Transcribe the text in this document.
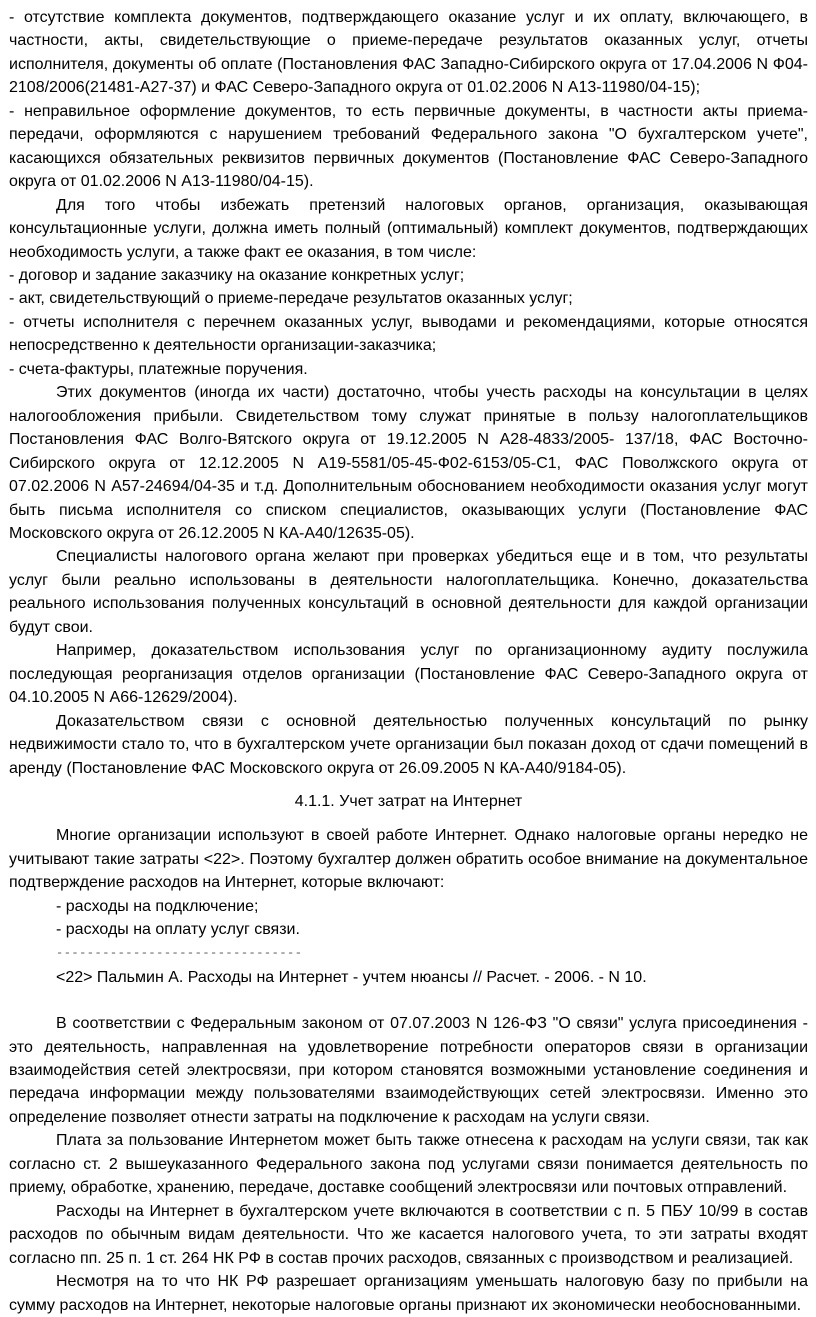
- отсутствие комплекта документов, подтверждающего оказание услуг и их оплату, включающего, в частности, акты, свидетельствующие о приеме-передаче результатов оказанных услуг, отчеты исполнителя, документы об оплате (Постановления ФАС Западно-Сибирского округа от 17.04.2006 N Ф04-2108/2006(21481-А27-37) и ФАС Северо-Западного округа от 01.02.2006 N А13-11980/04-15);

- неправильное оформление документов, то есть первичные документы, в частности акты приема-передачи, оформляются с нарушением требований Федерального закона "О бухгалтерском учете", касающихся обязательных реквизитов первичных документов (Постановление ФАС Северо-Западного округа от 01.02.2006 N А13-11980/04-15).

Для того чтобы избежать претензий налоговых органов, организация, оказывающая консультационные услуги, должна иметь полный (оптимальный) комплект документов, подтверждающих необходимость услуги, а также факт ее оказания, в том числе:

- договор и задание заказчику на оказание конкретных услуг;

- акт, свидетельствующий о приеме-передаче результатов оказанных услуг;

- отчеты исполнителя с перечнем оказанных услуг, выводами и рекомендациями, которые относятся непосредственно к деятельности организации-заказчика;

- счета-фактуры, платежные поручения.

Этих документов (иногда их части) достаточно, чтобы учесть расходы на консультации в целях налогообложения прибыли. Свидетельством тому служат принятые в пользу налогоплательщиков Постановления ФАС Волго-Вятского округа от 19.12.2005 N А28-4833/2005- 137/18, ФАС Восточно-Сибирского округа от 12.12.2005 N А19-5581/05-45-Ф02-6153/05-С1, ФАС Поволжского округа от 07.02.2006 N А57-24694/04-35 и т.д. Дополнительным обоснованием необходимости оказания услуг могут быть письма исполнителя со списком специалистов, оказывающих услуги (Постановление ФАС Московского округа от 26.12.2005 N КА-А40/12635-05).

Специалисты налогового органа желают при проверках убедиться еще и в том, что результаты услуг были реально использованы в деятельности налогоплательщика. Конечно, доказательства реального использования полученных консультаций в основной деятельности для каждой организации будут свои.

Например, доказательством использования услуг по организационному аудиту послужила последующая реорганизация отделов организации (Постановление ФАС Северо-Западного округа от 04.10.2005 N А66-12629/2004).

Доказательством связи с основной деятельностью полученных консультаций по рынку недвижимости стало то, что в бухгалтерском учете организации был показан доход от сдачи помещений в аренду (Постановление ФАС Московского округа от 26.09.2005 N КА-А40/9184-05).

4.1.1. Учет затрат на Интернет

Многие организации используют в своей работе Интернет. Однако налоговые органы нередко не учитывают такие затраты <22>. Поэтому бухгалтер должен обратить особое внимание на документальное подтверждение расходов на Интернет, которые включают:

- расходы на подключение;

- расходы на оплату услуг связи.

--------------------------------

<22> Пальмин А. Расходы на Интернет - учтем нюансы // Расчет. - 2006. - N 10.

В соответствии с Федеральным законом от 07.07.2003 N 126-ФЗ "О связи" услуга присоединения - это деятельность, направленная на удовлетворение потребности операторов связи в организации взаимодействия сетей электросвязи, при котором становятся возможными установление соединения и передача информации между пользователями взаимодействующих сетей электросвязи. Именно это определение позволяет отнести затраты на подключение к расходам на услуги связи.

Плата за пользование Интернетом может быть также отнесена к расходам на услуги связи, так как согласно ст. 2 вышеуказанного Федерального закона под услугами связи понимается деятельность по приему, обработке, хранению, передаче, доставке сообщений электросвязи или почтовых отправлений.

Расходы на Интернет в бухгалтерском учете включаются в соответствии с п. 5 ПБУ 10/99 в состав расходов по обычным видам деятельности. Что же касается налогового учета, то эти затраты входят согласно пп. 25 п. 1 ст. 264 НК РФ в состав прочих расходов, связанных с производством и реализацией.

Несмотря на то что НК РФ разрешает организациям уменьшать налоговую базу по прибыли на сумму расходов на Интернет, некоторые налоговые органы признают их экономически необоснованными.
